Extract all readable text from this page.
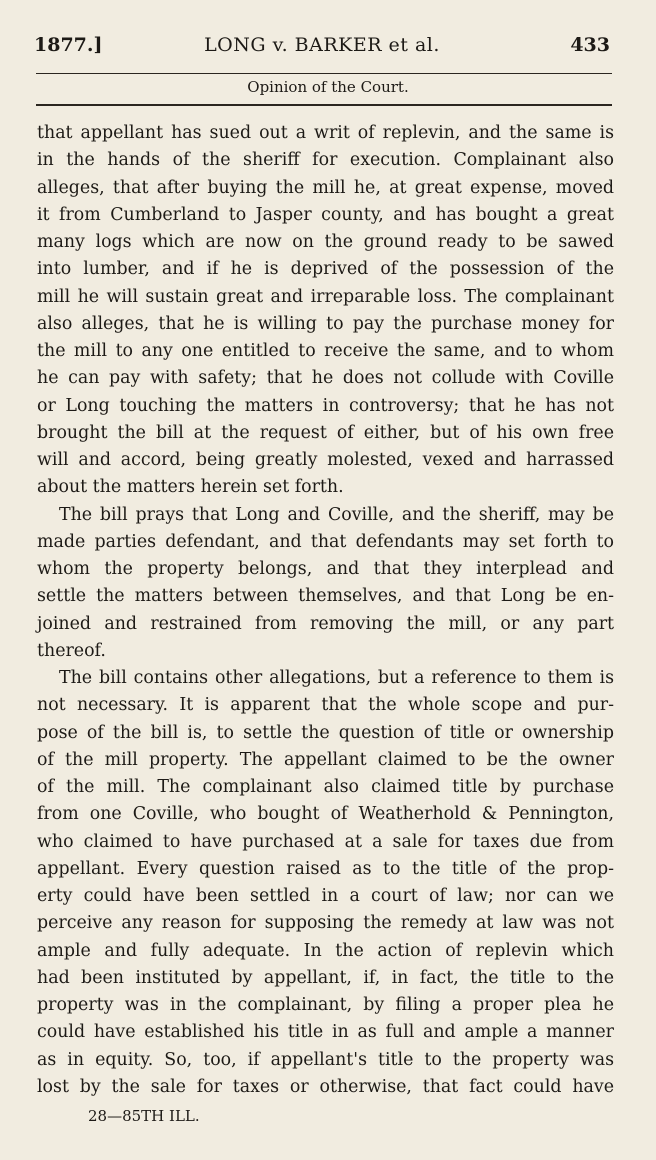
1877.]	LONG v. BARKER et al.	433
Opinion of the Court.
that appellant has sued out a writ of replevin, and the same is
in the hands of the sheriff for execution. Complainant also
alleges, that after buying the mill he, at great expense, moved
it from Cumberland to Jasper county, and has bought a great
many logs which are now on the ground ready to be sawed
into lumber, and if he is deprived of the possession of the
mill he will sustain great and irreparable loss. The complainant
also alleges, that he is willing to pay the purchase money for
the mill to any one entitled to receive the same, and to whom
he can pay with safety; that he does not collude with Coville
or Long touching the matters in controversy; that he has not
brought the bill at the request of either, but of his own free
will and accord, being greatly molested, vexed and harrassed
about the matters herein set forth.
The bill prays that Long and Coville, and the sheriff, may be
made parties defendant, and that defendants may set forth to
whom the property belongs, and that they interplead and
settle the matters between themselves, and that Long be en-
joined and restrained from removing the mill, or any part
thereof.
The bill contains other allegations, but a reference to them is
not necessary. It is apparent that the whole scope and pur-
pose of the bill is, to settle the question of title or ownership
of the mill property. The appellant claimed to be the owner
of the mill. The complainant also claimed title by purchase
from one Coville, who bought of Weatherhold & Pennington,
who claimed to have purchased at a sale for taxes due from
appellant. Every question raised as to the title of the prop-
erty could have been settled in a court of law; nor can we
perceive any reason for supposing the remedy at law was not
ample and fully adequate. In the action of replevin which
had been instituted by appellant, if, in fact, the title to the
property was in the complainant, by filing a proper plea he
could have established his title in as full and ample a manner
as in equity. So, too, if appellant's title to the property was
lost by the sale for taxes or otherwise, that fact could have
28—85TH ILL.
